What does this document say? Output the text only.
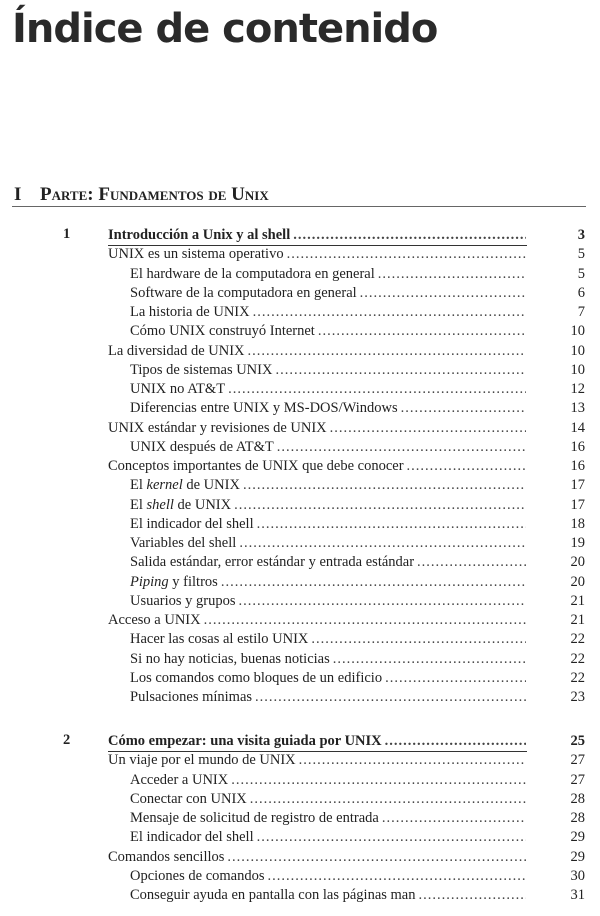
Índice de contenido
I Parte: Fundamentos de Unix
1	Introducción a Unix y al shell .....	3
UNIX es un sistema operativo .....	5
El hardware de la computadora en general .....	5
Software de la computadora en general .....	6
La historia de UNIX .....	7
Cómo UNIX construyó Internet .....	10
La diversidad de UNIX .....	10
Tipos de sistemas UNIX .....	10
UNIX no AT&T .....	12
Diferencias entre UNIX y MS-DOS/Windows .....	13
UNIX estándar y revisiones de UNIX .....	14
UNIX después de AT&T .....	16
Conceptos importantes de UNIX que debe conocer .....	16
El kernel de UNIX .....	17
El shell de UNIX .....	17
El indicador del shell .....	18
Variables del shell .....	19
Salida estándar, error estándar y entrada estándar .....	20
Piping y filtros .....	20
Usuarios y grupos .....	21
Acceso a UNIX .....	21
Hacer las cosas al estilo UNIX .....	22
Si no hay noticias, buenas noticias .....	22
Los comandos como bloques de un edificio .....	22
Pulsaciones mínimas .....	23
2	Cómo empezar: una visita guiada por UNIX .....	25
Un viaje por el mundo de UNIX .....	27
Acceder a UNIX .....	27
Conectar con UNIX .....	28
Mensaje de solicitud de registro de entrada .....	28
El indicador del shell .....	29
Comandos sencillos .....	29
Opciones de comandos .....	30
Conseguir ayuda en pantalla con las páginas man .....	31
